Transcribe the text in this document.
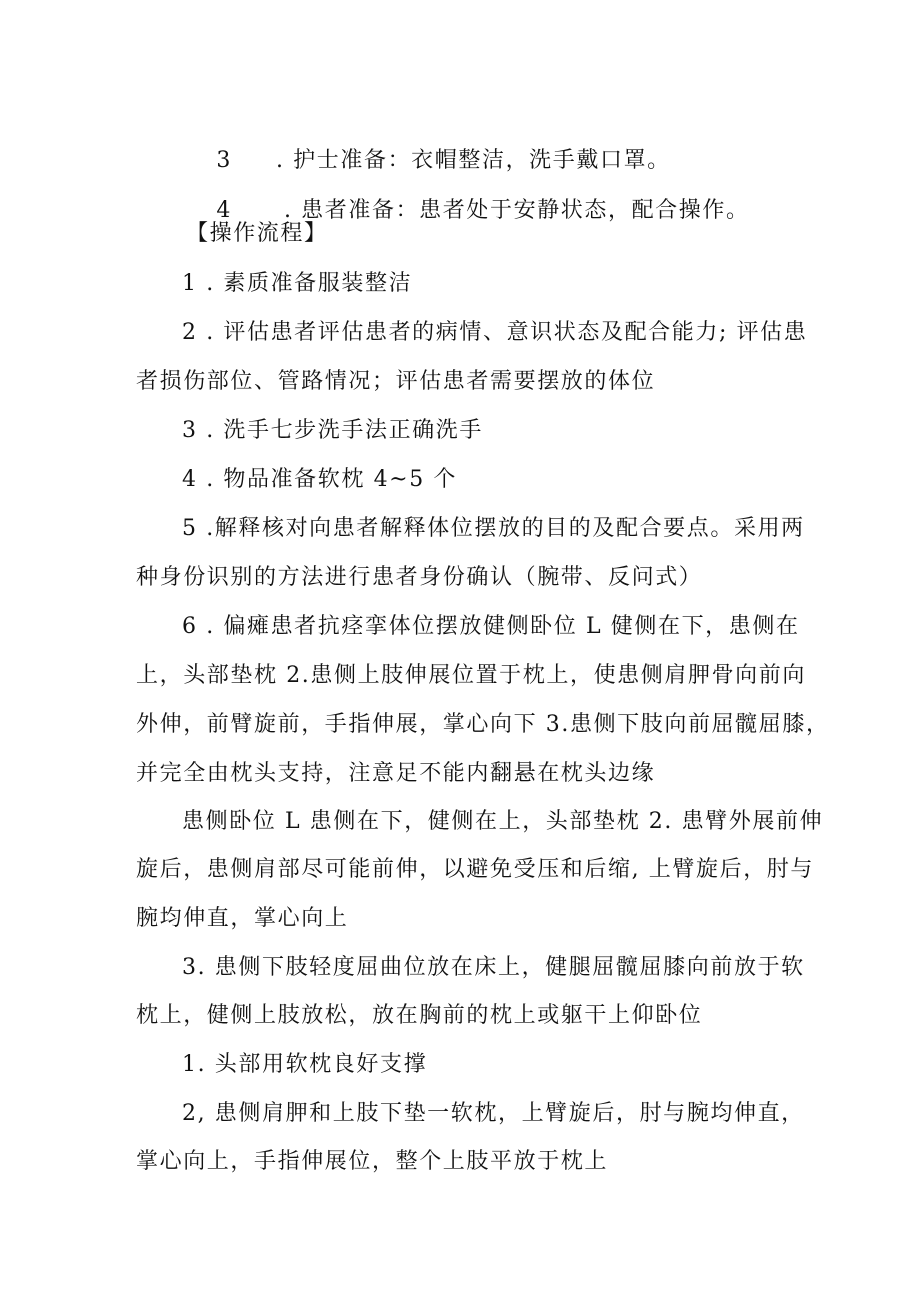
3 . 护士准备：衣帽整洁，洗手戴口罩。

4 . 患者准备：患者处于安静状态，配合操作。

【操作流程】
1 . 素质准备服装整洁
2 . 评估患者评估患者的病情、意识状态及配合能力; 评估患
者损伤部位、管路情况；评估患者需要摆放的体位
3 . 洗手七步洗手法正确洗手
4 . 物品准备软枕 4~5 个
5 .解释核对向患者解释体位摆放的目的及配合要点。采用两
种身份识别的方法进行患者身份确认（腕带、反问式）
6 . 偏瘫患者抗痉挛体位摆放健侧卧位 L 健侧在下，患侧在
上，头部垫枕 2.患侧上肢伸展位置于枕上，使患侧肩胛骨向前向
外伸，前臂旋前，手指伸展，掌心向下 3.患侧下肢向前屈髋屈膝，
并完全由枕头支持，注意足不能内翻悬在枕头边缘
患侧卧位 L 患侧在下，健侧在上，头部垫枕 2. 患臂外展前伸
旋后，患侧肩部尽可能前伸，以避免受压和后缩, 上臂旋后，肘与
腕均伸直，掌心向上
3. 患侧下肢轻度屈曲位放在床上，健腿屈髋屈膝向前放于软
枕上，健侧上肢放松，放在胸前的枕上或躯干上仰卧位
1. 头部用软枕良好支撑
2, 患侧肩胛和上肢下垫一软枕，上臂旋后，肘与腕均伸直，
掌心向上，手指伸展位，整个上肢平放于枕上
